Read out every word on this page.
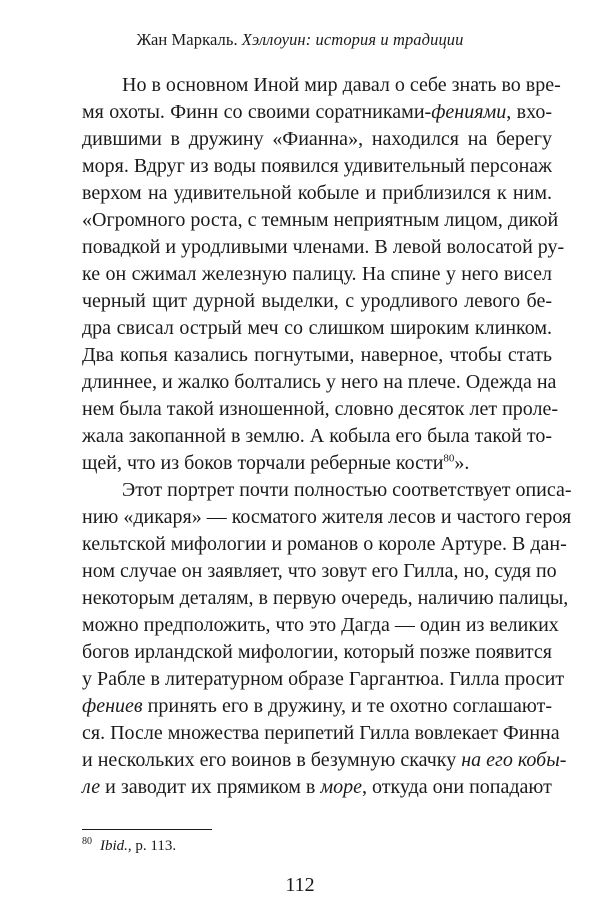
Жан Маркаль. Хэллоуин: история и традиции
Но в основном Иной мир давал о себе знать во вре-
мя охоты. Финн со своими соратниками-фениями, вхо-
дившими в дружину «Фианна», находился на берегу
моря. Вдруг из воды появился удивительный персонаж
верхом на удивительной кобыле и приблизился к ним.
«Огромного роста, с темным неприятным лицом, дикой
повадкой и уродливыми членами. В левой волосатой ру-
ке он сжимал железную палицу. На спине у него висел
черный щит дурной выделки, с уродливого левого бе-
дра свисал острый меч со слишком широким клинком.
Два копья казались погнутыми, наверное, чтобы стать
длиннее, и жалко болтались у него на плече. Одежда на
нем была такой изношенной, словно десяток лет проле-
жала закопанной в землю. А кобыла его была такой то-
щей, что из боков торчали реберные кости$^{80}$».
Этот портрет почти полностью соответствует описа-
нию «дикаря» — косматого жителя лесов и частого героя
кельтской мифологии и романов о короле Артуре. В дан-
ном случае он заявляет, что зовут его Гилла, но, судя по
некоторым деталям, в первую очередь, наличию палицы,
можно предположить, что это Дагда — один из великих
богов ирландской мифологии, который позже появится
у Рабле в литературном образе Гаргантюа. Гилла просит
фениев принять его в дружину, и те охотно соглашают-
ся. После множества перипетий Гилла вовлекает Финна
и нескольких его воинов в безумную скачку на его кобы-
ле и заводит их прямиком в море, откуда они попадают
$^{80}$ Ibid., p. 113.
112
